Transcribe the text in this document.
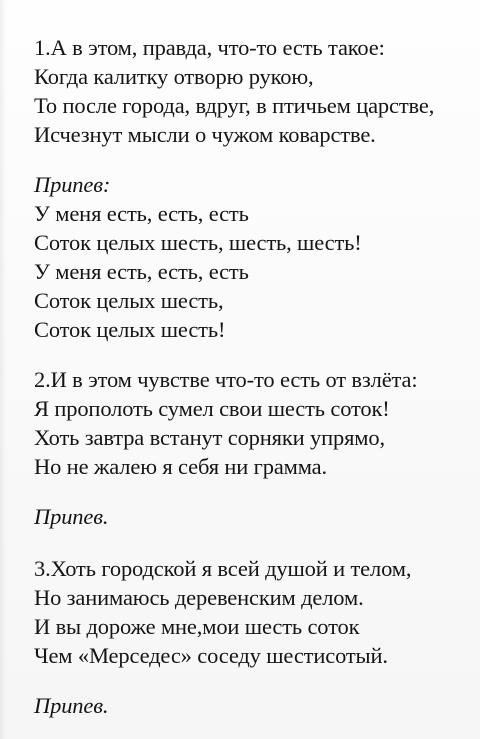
1.А в этом, правда, что-то есть такое:
Когда калитку отворю рукою,
То после города, вдруг, в птичьем царстве,
Исчезнут мысли о чужом коварстве.
Припев:
У меня есть, есть, есть
Соток целых шесть, шесть, шесть!
У меня есть, есть, есть
Соток целых шесть,
Соток целых шесть!
2.И в этом чувстве что-то есть от взлёта:
Я прополоть сумел свои шесть соток!
Хоть завтра встанут сорняки упрямо,
Но не жалею я себя ни грамма.
Припев.
3.Хоть городской я всей душой и телом,
Но занимаюсь деревенским делом.
И вы дороже мне,мои шесть соток
Чем «Мерседес» соседу шестисотый.
Припев.
